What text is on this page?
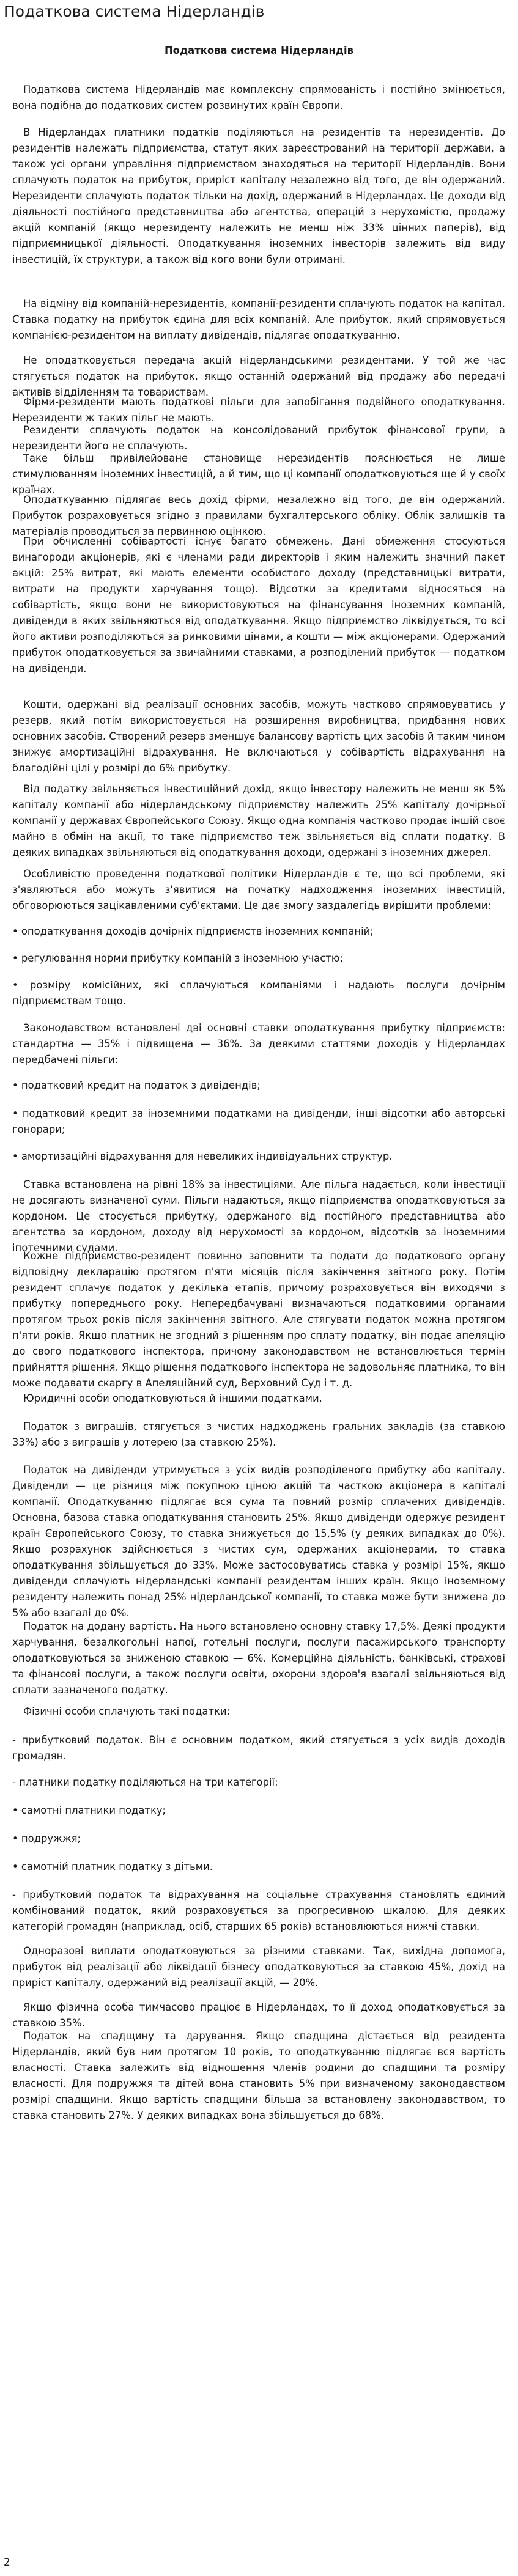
Податкова система Нідерландів
Податкова система Нідерландів
Податкова система Нідерландів має комплексну спрямованість і постійно змінюється, вона подібна до податкових систем розвинутих країн Європи.
В Нідерландах платники податків поділяються на резидентів та нерезидентів. До резидентів належать підприємства, статут яких зареєстрований на території держави, а також усі органи управління підприємством знаходяться на території Нідерландів. Вони сплачують податок на прибуток, приріст капіталу незалежно від того, де він одержаний. Нерезиденти сплачують податок тільки на дохід, одержаний в Нідерландах. Це доходи від діяльності постійного представництва або агентства, операцій з нерухомістю, продажу акцій компаній (якщо нерезиденту належить не менш ніж 33% цінних паперів), від підприємницької діяльності. Оподаткування іноземних інвесторів залежить від виду інвестицій, їх структури, а також від кого вони були отримані.
На відміну від компаній-нерезидентів, компанії-резиденти сплачують податок на капітал. Ставка податку на прибуток єдина для всіх компаній. Але прибуток, який спрямовується компанією-резидентом на виплату дивідендів, підлягає оподаткуванню.
Не оподатковується передача акцій нідерландськими резидентами. У той же час стягується податок на прибуток, якщо останній одержаний від продажу або передачі активів відділенням та товариствам.
Фірми-резиденти мають податкові пільги для запобігання подвійного оподаткування. Нерезиденти ж таких пільг не мають.
Резиденти сплачують податок на консолідований прибуток фінансової групи, а нерезиденти його не сплачують.
Таке більш привілейоване становище нерезидентів пояснюється не лише стимулюванням іноземних інвестицій, а й тим, що ці компанії оподатковуються ще й у своїх країнах.
Оподаткуванню підлягає весь дохід фірми, незалежно від того, де він одержаний. Прибуток розраховується згідно з правилами бухгалтерського обліку. Облік залишків та матеріалів проводиться за первинною оцінкою.
При обчисленні собівартості існує багато обмежень. Дані обмеження стосуються винагороди акціонерів, які є членами ради директорів і яким належить значний пакет акцій: 25% витрат, які мають елементи особистого доходу (представницькі витрати, витрати на продукти харчування тощо). Відсотки за кредитами відносяться на собівартість, якщо вони не використовуються на фінансування іноземних компаній, дивіденди в яких звільняються від оподаткування. Якщо підприємство ліквідується, то всі його активи розподіляються за ринковими цінами, а кошти — між акціонерами. Одержаний прибуток оподатковується за звичайними ставками, а розподілений прибуток — податком на дивіденди.
Кошти, одержані від реалізації основних засобів, можуть частково спрямовуватись у резерв, який потім використовується на розширення виробництва, придбання нових основних засобів. Створений резерв зменшує балансову вартість цих засобів й таким чином знижує амортизаційні відрахування. Не включаються у собівартість відрахування на благодійні цілі у розмірі до 6% прибутку.
Від податку звільняється інвестиційний дохід, якщо інвестору належить не менш як 5% капіталу компанії або нідерландському підприємству належить 25% капіталу дочірньої компанії у державах Європейського Союзу. Якщо одна компанія частково продає іншій своє майно в обмін на акції, то таке підприємство теж звільняється від сплати податку. В деяких випадках звільняються від оподаткування доходи, одержані з іноземних джерел.
Особливістю проведення податкової політики Нідерландів є те, що всі проблеми, які з'являються або можуть з'явитися на початку надходження іноземних інвестицій, обговорюються зацікавленими суб'єктами. Це дає змогу заздалегідь вирішити проблеми:
• оподаткування доходів дочірніх підприємств іноземних компаній;
• регулювання норми прибутку компаній з іноземною участю;
• розміру комісійних, які сплачуються компаніями і надають послуги дочірнім підприємствам тощо.
Законодавством встановлені дві основні ставки оподаткування прибутку підприємств: стандартна — 35% і підвищена — 36%. За деякими статтями доходів у Нідерландах передбачені пільги:
• податковий кредит на податок з дивідендів;
• податковий кредит за іноземними податками на дивіденди, інші відсотки або авторські гонорари;
• амортизаційні відрахування для невеликих індивідуальних структур.
Ставка встановлена на рівні 18% за інвестиціями. Але пільга надається, коли інвестиції не досягають визначеної суми. Пільги надаються, якщо підприємства оподатковуються за кордоном. Це стосується прибутку, одержаного від постійного представництва або агентства за кордоном, доходу від нерухомості за кордоном, відсотків за іноземними іпотечними судами.
Кожне підприємство-резидент повинно заповнити та подати до податкового органу відповідну декларацію протягом п'яти місяців після закінчення звітного року. Потім резидент сплачує податок у декілька етапів, причому розраховується він виходячи з прибутку попереднього року. Непередбачувані визначаються податковими органами протягом трьох років після закінчення звітного. Але стягувати податок можна протягом п'яти років. Якщо платник не згодний з рішенням про сплату податку, він подає апеляцію до свого податкового інспектора, причому законодавством не встановлюється термін прийняття рішення. Якщо рішення податкового інспектора не задовольняє платника, то він може подавати скаргу в Апеляційний суд, Верховний Суд і т. д.
Юридичні особи оподатковуються й іншими податками.
Податок з виграшів, стягується з чистих надходжень гральних закладів (за ставкою 33%) або з виграшів у лотерею (за ставкою 25%).
Податок на дивіденди утримується з усіх видів розподіленого прибутку або капіталу. Дивіденди — це різниця між покупною ціною акцій та часткою акціонера в капіталі компанії. Оподаткуванню підлягає вся сума та повний розмір сплачених дивідендів. Основна, базова ставка оподаткування становить 25%. Якщо дивіденди одержує резидент країн Європейського Союзу, то ставка знижується до 15,5% (у деяких випадках до 0%). Якщо розрахунок здійснюється з чистих сум, одержаних акціонерами, то ставка оподаткування збільшується до 33%. Може застосовуватись ставка у розмірі 15%, якщо дивіденди сплачують нідерландські компанії резидентам інших країн. Якщо іноземному резиденту належить понад 25% нідерландської компанії, то ставка може бути знижена до 5% або взагалі до 0%.
Податок на додану вартість. На нього встановлено основну ставку 17,5%. Деякі продукти харчування, безалкогольні напої, готельні послуги, послуги пасажирського транспорту оподатковуються за зниженою ставкою — 6%. Комерційна діяльність, банківські, страхові та фінансові послуги, а також послуги освіти, охорони здоров'я взагалі звільняються від сплати зазначеного податку.
Фізичні особи сплачують такі податки:
- прибутковий податок. Він є основним податком, який стягується з усіх видів доходів громадян.
- платники податку поділяються на три категорії:
• самотні платники податку;
• подружжя;
• самотній платник податку з дітьми.
- прибутковий податок та відрахування на соціальне страхування становлять єдиний комбінований податок, який розраховується за прогресивною шкалою. Для деяких категорій громадян (наприклад, осіб, старших 65 років) встановлюються нижчі ставки.
Одноразові виплати оподатковуються за різними ставками. Так, вихідна допомога, прибуток від реалізації або ліквідації бізнесу оподатковуються за ставкою 45%, дохід на приріст капіталу, одержаний від реалізації акцій, — 20%.
Якщо фізична особа тимчасово працює в Нідерландах, то її доход оподатковується за ставкою 35%.
Податок на спадщину та дарування. Якщо спадщина дістається від резидента Нідерландів, який був ним протягом 10 років, то оподаткуванню підлягає вся вартість власності. Ставка залежить від відношення членів родини до спадщини та розміру власності. Для подружжя та дітей вона становить 5% при визначеному законодавством розмірі спадщини. Якщо вартість спадщини більша за встановлену законодавством, то ставка становить 27%. У деяких випадках вона збільшується до 68%.
2
